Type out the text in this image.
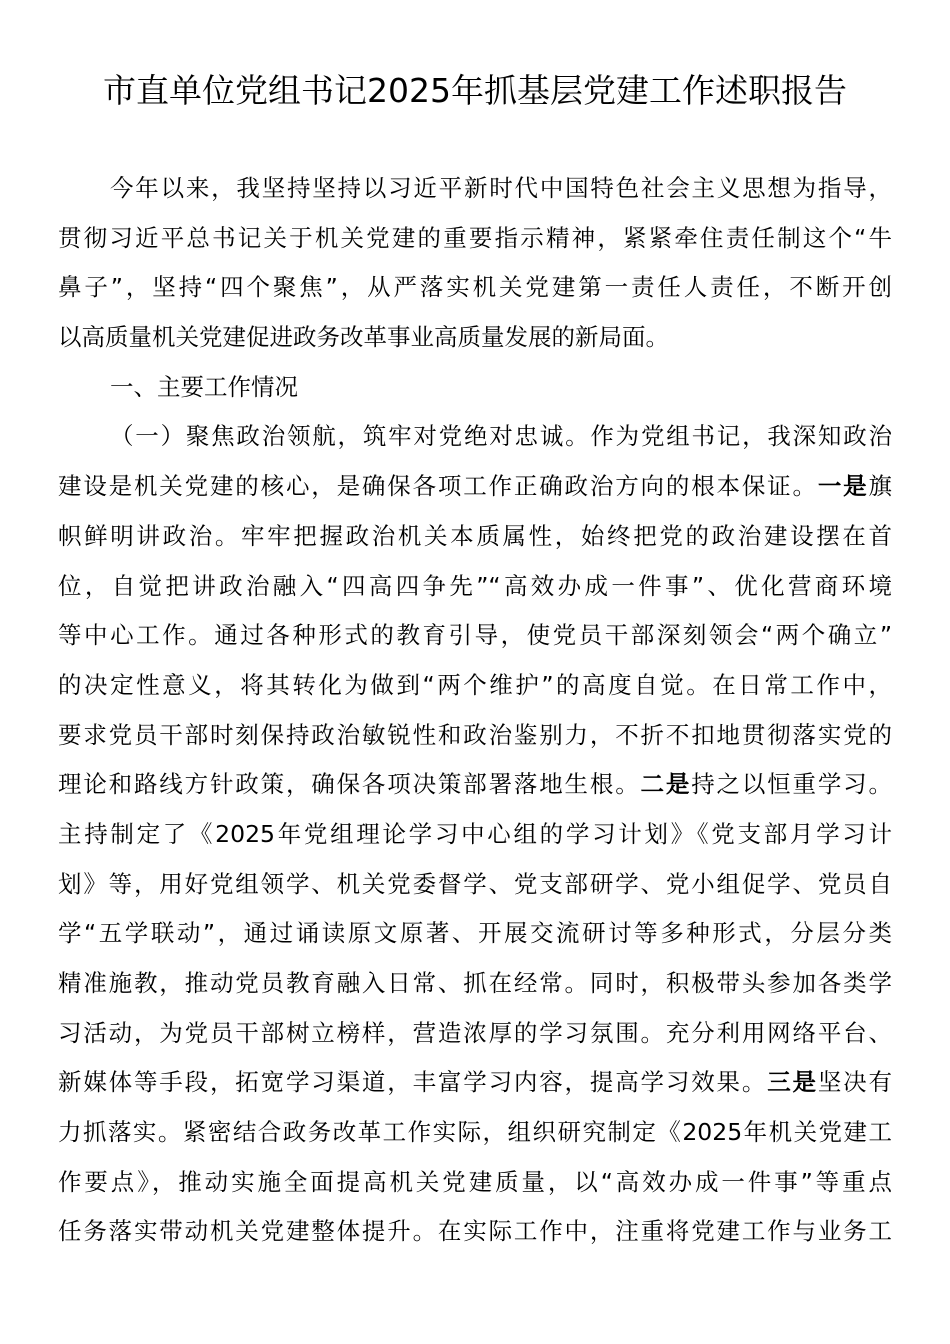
市直单位党组书记2025年抓基层党建工作述职报告
今年以来，我坚持坚持以习近平新时代中国特色社会主义思想为指导，
贯彻习近平总书记关于机关党建的重要指示精神，紧紧牵住责任制这个“牛
鼻子”，坚持“四个聚焦”，从严落实机关党建第一责任人责任，不断开创
以高质量机关党建促进政务改革事业高质量发展的新局面。
一、主要工作情况
（一）聚焦政治领航，筑牢对党绝对忠诚。作为党组书记，我深知政治
建设是机关党建的核心，是确保各项工作正确政治方向的根本保证。一是旗
帜鲜明讲政治。牢牢把握政治机关本质属性，始终把党的政治建设摆在首
位，自觉把讲政治融入“四高四争先”“高效办成一件事”、优化营商环境
等中心工作。通过各种形式的教育引导，使党员干部深刻领会“两个确立”
的决定性意义，将其转化为做到“两个维护”的高度自觉。在日常工作中，
要求党员干部时刻保持政治敏锐性和政治鉴别力，不折不扣地贯彻落实党的
理论和路线方针政策，确保各项决策部署落地生根。二是持之以恒重学习。
主持制定了《2025年党组理论学习中心组的学习计划》《党支部月学习计
划》等，用好党组领学、机关党委督学、党支部研学、党小组促学、党员自
学“五学联动”，通过诵读原文原著、开展交流研讨等多种形式，分层分类
精准施教，推动党员教育融入日常、抓在经常。同时，积极带头参加各类学
习活动，为党员干部树立榜样，营造浓厚的学习氛围。充分利用网络平台、
新媒体等手段，拓宽学习渠道，丰富学习内容，提高学习效果。三是坚决有
力抓落实。紧密结合政务改革工作实际，组织研究制定《2025年机关党建工
作要点》，推动实施全面提高机关党建质量，以“高效办成一件事”等重点
任务落实带动机关党建整体提升。在实际工作中，注重将党建工作与业务工
